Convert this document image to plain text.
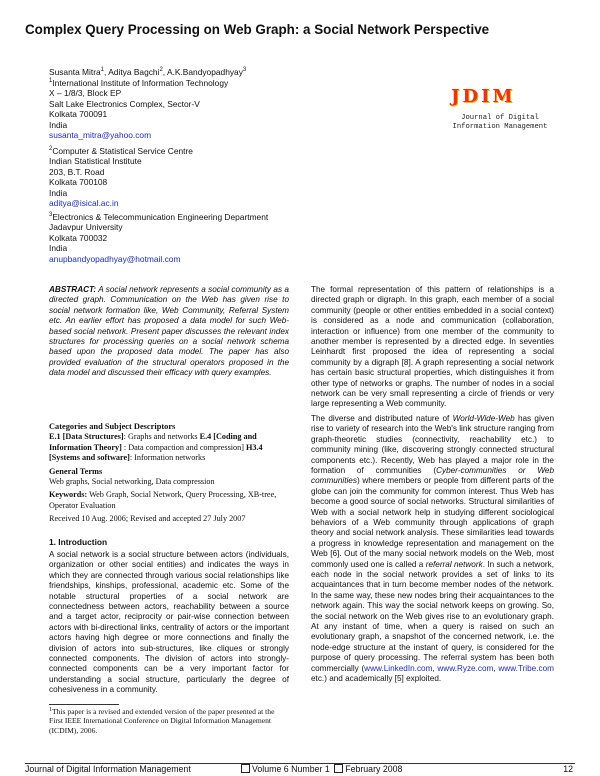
Complex Query Processing on Web Graph: a Social Network Perspective
Susanta Mitra$^1$, Aditya Bagchi$^2$, A.K.Bandyopadhyay$^3$
$^1$International Institute of Information Technology
X – 1/8/3, Block EP
Salt Lake Electronics Complex, Sector-V
Kolkata 700091
India
susanta_mitra@yahoo.com
$^2$Computer & Statistical Service Centre
Indian Statistical Institute
203, B.T. Road
Kolkata 700108
India
aditya@isical.ac.in
$^3$Electronics & Telecommunication Engineering Department
Jadavpur University
Kolkata 700032
India
anupbandyopadhyay@hotmail.com
JDIM
Journal of Digital
Information Management
ABSTRACT: A social network represents a social community as a directed graph. Communication on the Web has given rise to social network formation like, Web Community, Referral System etc. An earlier effort has proposed a data model for such Web-based social network. Present paper discusses the relevant index structures for processing queries on a social network schema based upon the proposed data model. The paper has also provided evaluation of the structural operators proposed in the data model and discussed their efficacy with query examples.
Categories and Subject Descriptors
E.1 [Data Structures]: Graphs and networks E.4 [Coding and Information Theory] : Data compaction and compression] H3.4 [Systems and software]: Information networks
General Terms
Web graphs, Social networking, Data compression
Keywords: Web Graph, Social Network, Query Processing, XB-tree, Operator Evaluation
Received 10 Aug. 2006; Revised and accepted 27 July 2007
1. Introduction
A social network is a social structure between actors (individuals, organization or other social entities) and indicates the ways in which they are connected through various social relationships like friendships, kinships, professional, academic etc. Some of the notable structural properties of a social network are connectedness between actors, reachability between a source and a target actor, reciprocity or pair-wise connection between actors with bi-directional links, centrality of actors or the important actors having high degree or more connections and finally the division of actors into sub-structures, like cliques or strongly connected components. The division of actors into strongly-connected components can be a very important factor for understanding a social structure, particularly the degree of cohesiveness in a community.
$^1$This paper is a revised and extended version of the paper presented at the First IEEE International Conference on Digital Information Management (ICDIM), 2006.

The formal representation of this pattern of relationships is a directed graph or digraph. In this graph, each member of a social community (people or other entities embedded in a social context) is considered as a node and communication (collaboration, interaction or influence) from one member of the community to another member is represented by a directed edge. In seventies Leinhardt first proposed the idea of representing a social community by a digraph [8]. A graph representing a social network has certain basic structural properties, which distinguishes it from other type of networks or graphs. The number of nodes in a social network can be very small representing a circle of friends or very large representing a Web community.

The diverse and distributed nature of World-Wide-Web has given rise to variety of research into the Web's link structure ranging from graph-theoretic studies (connectivity, reachability etc.) to community mining (like, discovering strongly connected structural components etc.). Recently, Web has played a major role in the formation of communities (Cyber-communities or Web communities) where members or people from different parts of the globe can join the community for common interest. Thus Web has become a good source of social networks. Structural similarities of Web with a social network help in studying different sociological behaviors of a Web community through applications of graph theory and social network analysis. These similarities lead towards a progress in knowledge representation and management on the Web [6]. Out of the many social network models on the Web, most commonly used one is called a referral network. In such a network, each node in the social network provides a set of links to its acquaintances that in turn become member nodes of the network. In the same way, these new nodes bring their acquaintances to the network again. This way the social network keeps on growing. So, the social network on the Web gives rise to an evolutionary graph. At any instant of time, when a query is raised on such an evolutionary graph, a snapshot of the concerned network, i.e. the node-edge structure at the instant of query, is considered for the purpose of query processing. The referral system has been both commercially (www.LinkedIn.com, www.Ryze.com, www.Tribe.com etc.) and academically [5] exploited.

Journal of Digital Information Management	Volume 6 Number 1 February 2008	12
